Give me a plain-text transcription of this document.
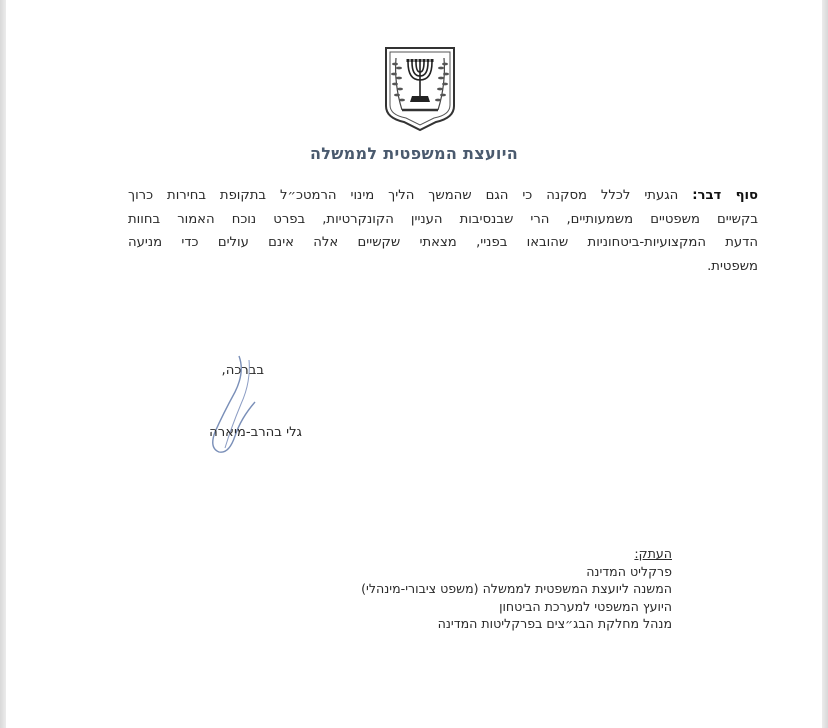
היועצת המשפטית לממשלה
סוף דבר: הגעתי לכלל מסקנה כי הגם שהמשך הליך מינוי הרמטכ״ל בתקופת בחירות כרוך
בקשיים משפטיים משמעותיים, הרי שבנסיבות העניין הקונקרטיות, בפרט נוכח האמור בחוות
הדעת המקצועיות-ביטחוניות שהובאו בפניי, מצאתי שקשיים אלה אינם עולים כדי מניעה
משפטית.
בברכה,
גלי בהרב-מיארה
העתק:
פרקליט המדינה
המשנה ליועצת המשפטית לממשלה (משפט ציבורי-מינהלי)
היועץ המשפטי למערכת הביטחון
מנהל מחלקת הבג״צים בפרקליטות המדינה
